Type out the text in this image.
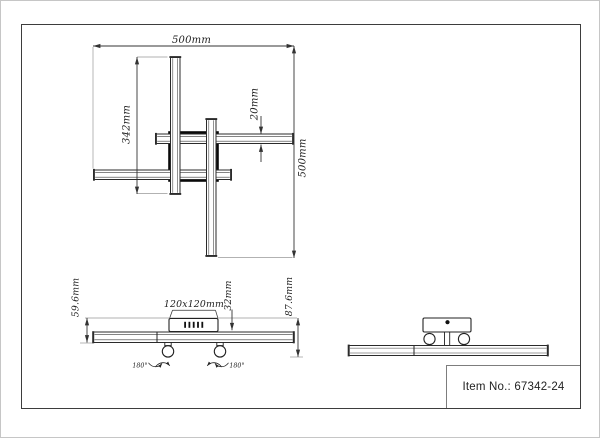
Item No.: 67342-24
500mm
500mm
342mm
20mm
59.6mm	87.6mm
120x120mm
32mm
180°	180°
